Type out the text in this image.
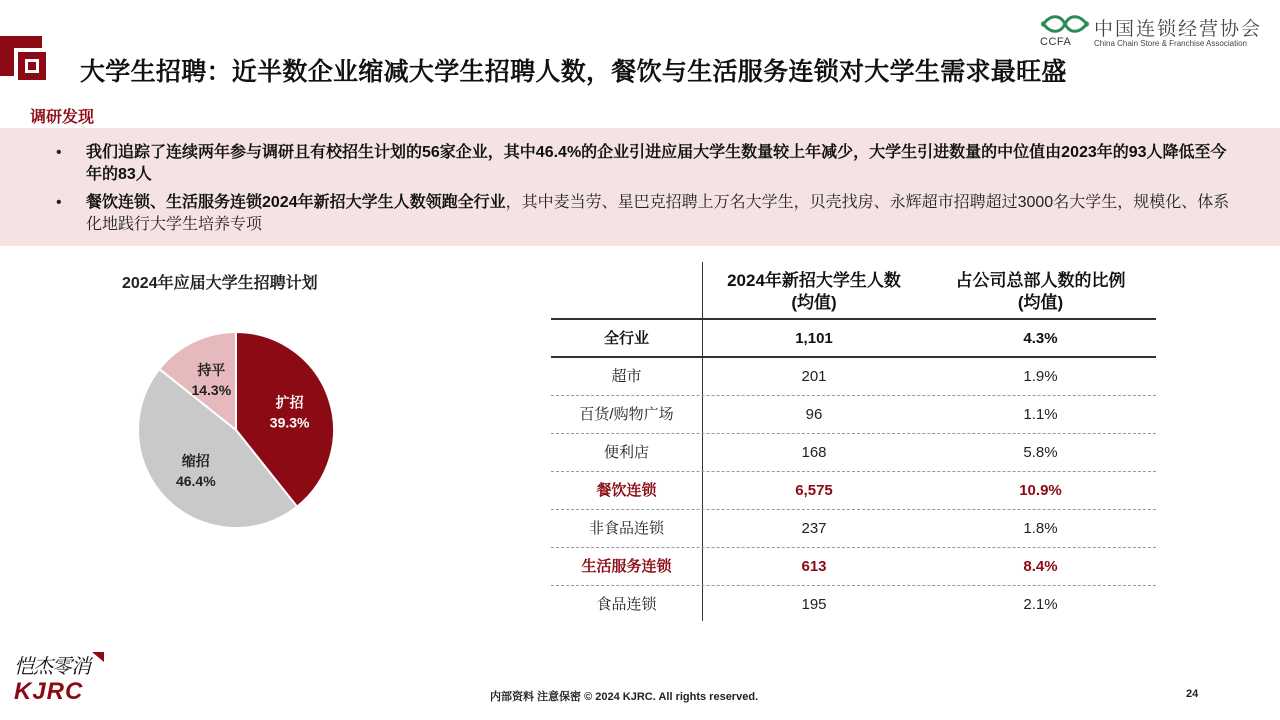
大学生招聘：近半数企业缩减大学生招聘人数，餐饮与生活服务连锁对大学生需求最旺盛
CCFA
中国连锁经营协会
China Chain Store & Franchise Association
调研发现
•	我们追踪了连续两年参与调研且有校招生计划的56家企业，其中46.4%的企业引进应届大学生数量较上年减少，大学生引进数量的中位值由2023年的93人降低至今年的83人
•	餐饮连锁、生活服务连锁2024年新招大学生人数领跑全行业，其中麦当劳、星巴克招聘上万名大学生，贝壳找房、永辉超市招聘超过3000名大学生，规模化、体系化地践行大学生培养专项
2024年应届大学生招聘计划
扩招
39.3%
缩招
46.4%
持平
14.3%
2024年新招大学生人数
(均值)
占公司总部人数的比例
(均值)
全行业	1,101	4.3%
超市	201	1.9%
百货/购物广场	96	1.1%
便利店	168	5.8%
餐饮连锁	6,575	10.9%
非食品连锁	237	1.8%
生活服务连锁	613	8.4%
食品连锁	195	2.1%
恺杰零消
KJRC	内部资料 注意保密 © 2024 KJRC. All rights reserved.	24
